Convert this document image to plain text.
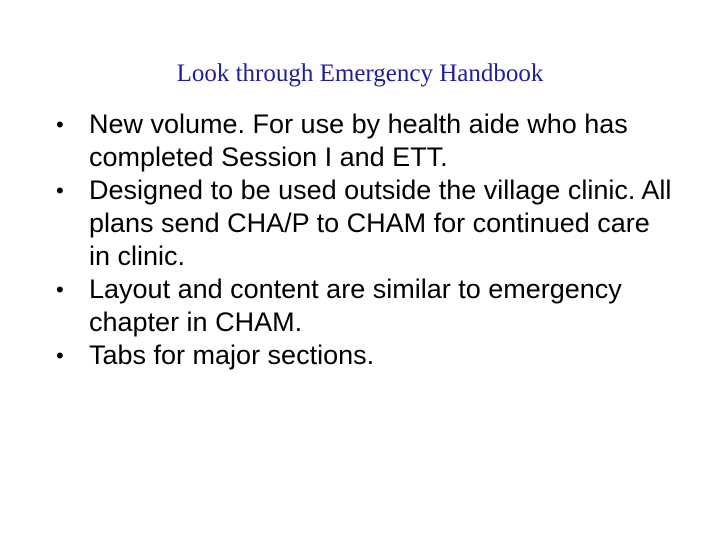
Look through Emergency Handbook
• New volume. For use by health aide who has completed Session I and ETT.
• Designed to be used outside the village clinic. All plans send CHA/P to CHAM for continued care in clinic.
• Layout and content are similar to emergency chapter in CHAM.
• Tabs for major sections.
